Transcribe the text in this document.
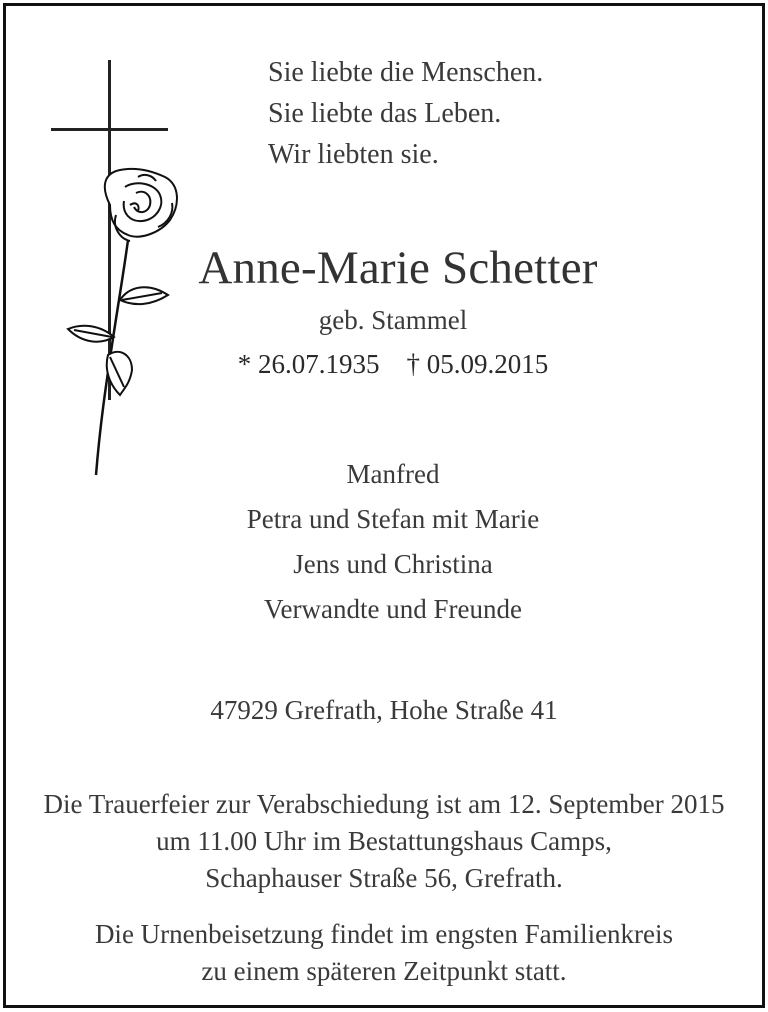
Sie liebte die Menschen.
Sie liebte das Leben.
Wir liebten sie.
Anne-Marie Schetter
geb. Stammel
* 26.07.1935 † 05.09.2015
Manfred
Petra und Stefan mit Marie
Jens und Christina
Verwandte und Freunde
47929 Grefrath, Hohe Straße 41
Die Trauerfeier zur Verabschiedung ist am 12. September 2015
um 11.00 Uhr im Bestattungshaus Camps,
Schaphauser Straße 56, Grefrath.
Die Urnenbeisetzung findet im engsten Familienkreis
zu einem späteren Zeitpunkt statt.
